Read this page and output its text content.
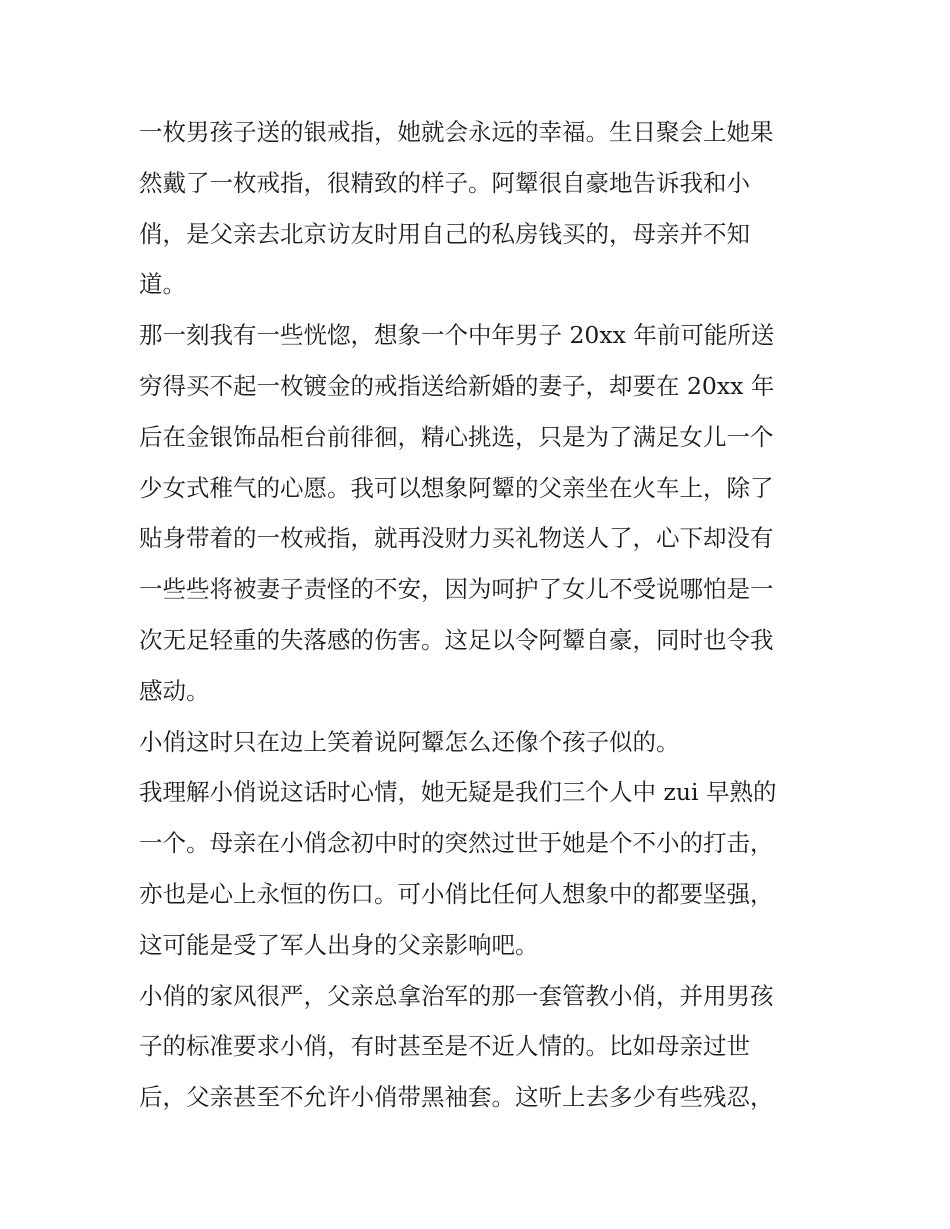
一枚男孩子送的银戒指，她就会永远的幸福。生日聚会上她果
然戴了一枚戒指，很精致的样子。阿颦很自豪地告诉我和小
俏，是父亲去北京访友时用自己的私房钱买的，母亲并不知
道。
那一刻我有一些恍惚，想象一个中年男子 20xx 年前可能所送
穷得买不起一枚镀金的戒指送给新婚的妻子，却要在 20xx 年
后在金银饰品柜台前徘徊，精心挑选，只是为了满足女儿一个
少女式稚气的心愿。我可以想象阿颦的父亲坐在火车上，除了
贴身带着的一枚戒指，就再没财力买礼物送人了，心下却没有
一些些将被妻子责怪的不安，因为呵护了女儿不受说哪怕是一
次无足轻重的失落感的伤害。这足以令阿颦自豪，同时也令我
感动。
小俏这时只在边上笑着说阿颦怎么还像个孩子似的。
我理解小俏说这话时心情，她无疑是我们三个人中 zui 早熟的
一个。母亲在小俏念初中时的突然过世于她是个不小的打击，
亦也是心上永恒的伤口。可小俏比任何人想象中的都要坚强，
这可能是受了军人出身的父亲影响吧。
小俏的家风很严，父亲总拿治军的那一套管教小俏，并用男孩
子的标准要求小俏，有时甚至是不近人情的。比如母亲过世
后，父亲甚至不允许小俏带黑袖套。这听上去多少有些残忍，
